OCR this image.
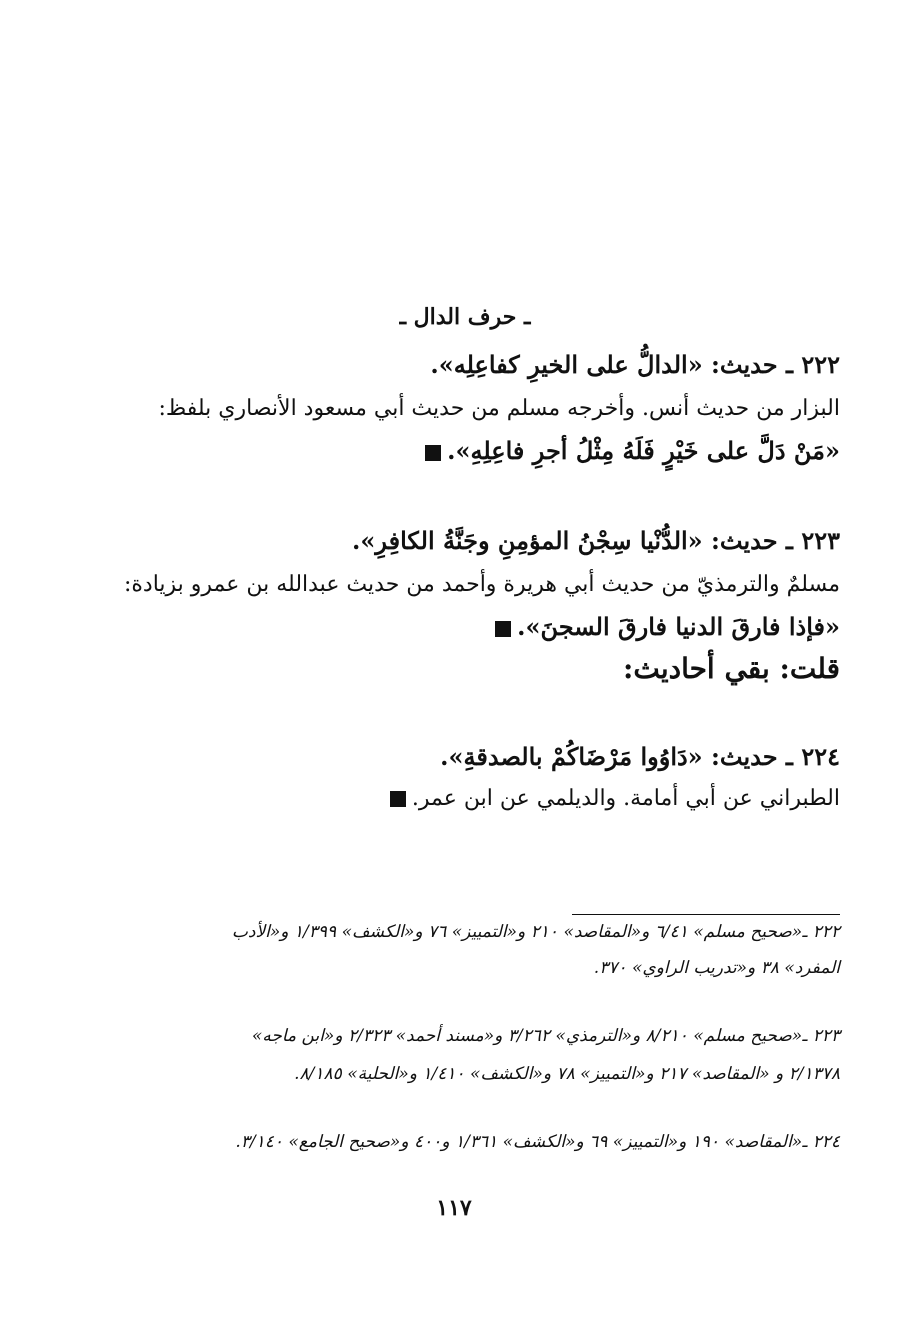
ـ حرف الدال ـ
٢٢٢ ـ حديث: «الدالُّ على الخيرِ كفاعِلِه».
البزار من حديث أنس. وأخرجه مسلم من حديث أبي مسعود الأنصاري بلفظ:
«مَنْ دَلَّ على خَيْرٍ فَلَهُ مِثْلُ أجرِ فاعِلِهِ».
٢٢٣ ـ حديث: «الدُّنْيا سِجْنُ المؤمِنِ وجَنَّةُ الكافِرِ».
مسلمٌ والترمذيّ من حديث أبي هريرة وأحمد من حديث عبدالله بن عمرو بزيادة:
«فإذا فارقَ الدنيا فارقَ السجنَ».
قلت: بقي أحاديث:
٢٢٤ ـ حديث: «دَاوُوا مَرْضَاكُمْ بالصدقةِ».
الطبراني عن أبي أمامة. والديلمي عن ابن عمر.
٢٢٢ ـ«صحيح مسلم» ٦/٤١ و«المقاصد» ٢١٠ و«التمييز» ٧٦ و«الكشف» ١/٣٩٩ و«الأدب
المفرد» ٣٨ و«تدريب الراوي» ٣٧٠.
٢٢٣ ـ«صحيح مسلم» ٨/٢١٠ و«الترمذي» ٣/٢٦٢ و«مسند أحمد» ٢/٣٢٣ و«ابن ماجه»
٢/١٣٧٨ و «المقاصد» ٢١٧ و«التمييز» ٧٨ و«الكشف» ١/٤١٠ و«الحلية» ٨/١٨٥.
٢٢٤ ـ«المقاصد» ١٩٠ و«التمييز» ٦٩ و«الكشف» ١/٣٦١ و٤٠٠ و«صحيح الجامع» ٣/١٤٠.
١١٧
